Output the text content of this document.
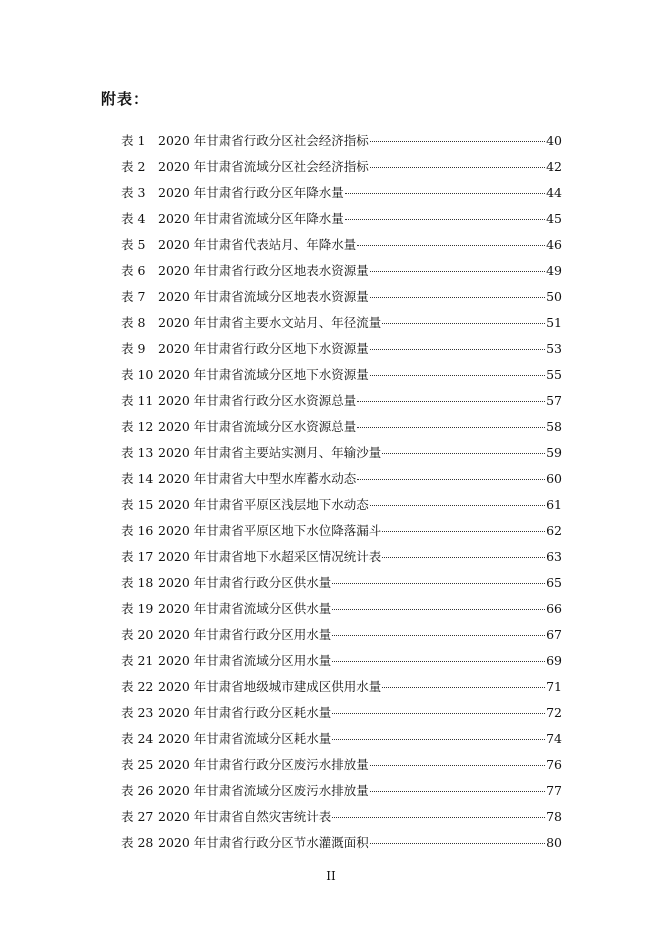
附表：
表 1	2020 年甘肃省行政分区社会经济指标	40
表 2	2020 年甘肃省流域分区社会经济指标	42
表 3	2020 年甘肃省行政分区年降水量	44
表 4	2020 年甘肃省流域分区年降水量	45
表 5	2020 年甘肃省代表站月、年降水量	46
表 6	2020 年甘肃省行政分区地表水资源量	49
表 7	2020 年甘肃省流域分区地表水资源量	50
表 8	2020 年甘肃省主要水文站月、年径流量	51
表 9	2020 年甘肃省行政分区地下水资源量	53
表 10 2020 年甘肃省流域分区地下水资源量	55
表 11 2020 年甘肃省行政分区水资源总量	57
表 12 2020 年甘肃省流域分区水资源总量	58
表 13 2020 年甘肃省主要站实测月、年输沙量	59
表 14 2020 年甘肃省大中型水库蓄水动态	60
表 15 2020 年甘肃省平原区浅层地下水动态	61
表 16 2020 年甘肃省平原区地下水位降落漏斗	62
表 17 2020 年甘肃省地下水超采区情况统计表	63
表 18 2020 年甘肃省行政分区供水量	65
表 19 2020 年甘肃省流域分区供水量	66
表 20 2020 年甘肃省行政分区用水量	67
表 21 2020 年甘肃省流域分区用水量	69
表 22 2020 年甘肃省地级城市建成区供用水量	71
表 23 2020 年甘肃省行政分区耗水量	72
表 24 2020 年甘肃省流域分区耗水量	74
表 25 2020 年甘肃省行政分区废污水排放量	76
表 26 2020 年甘肃省流域分区废污水排放量	77
表 27 2020 年甘肃省自然灾害统计表	78
表 28 2020 年甘肃省行政分区节水灌溉面积	80
II
